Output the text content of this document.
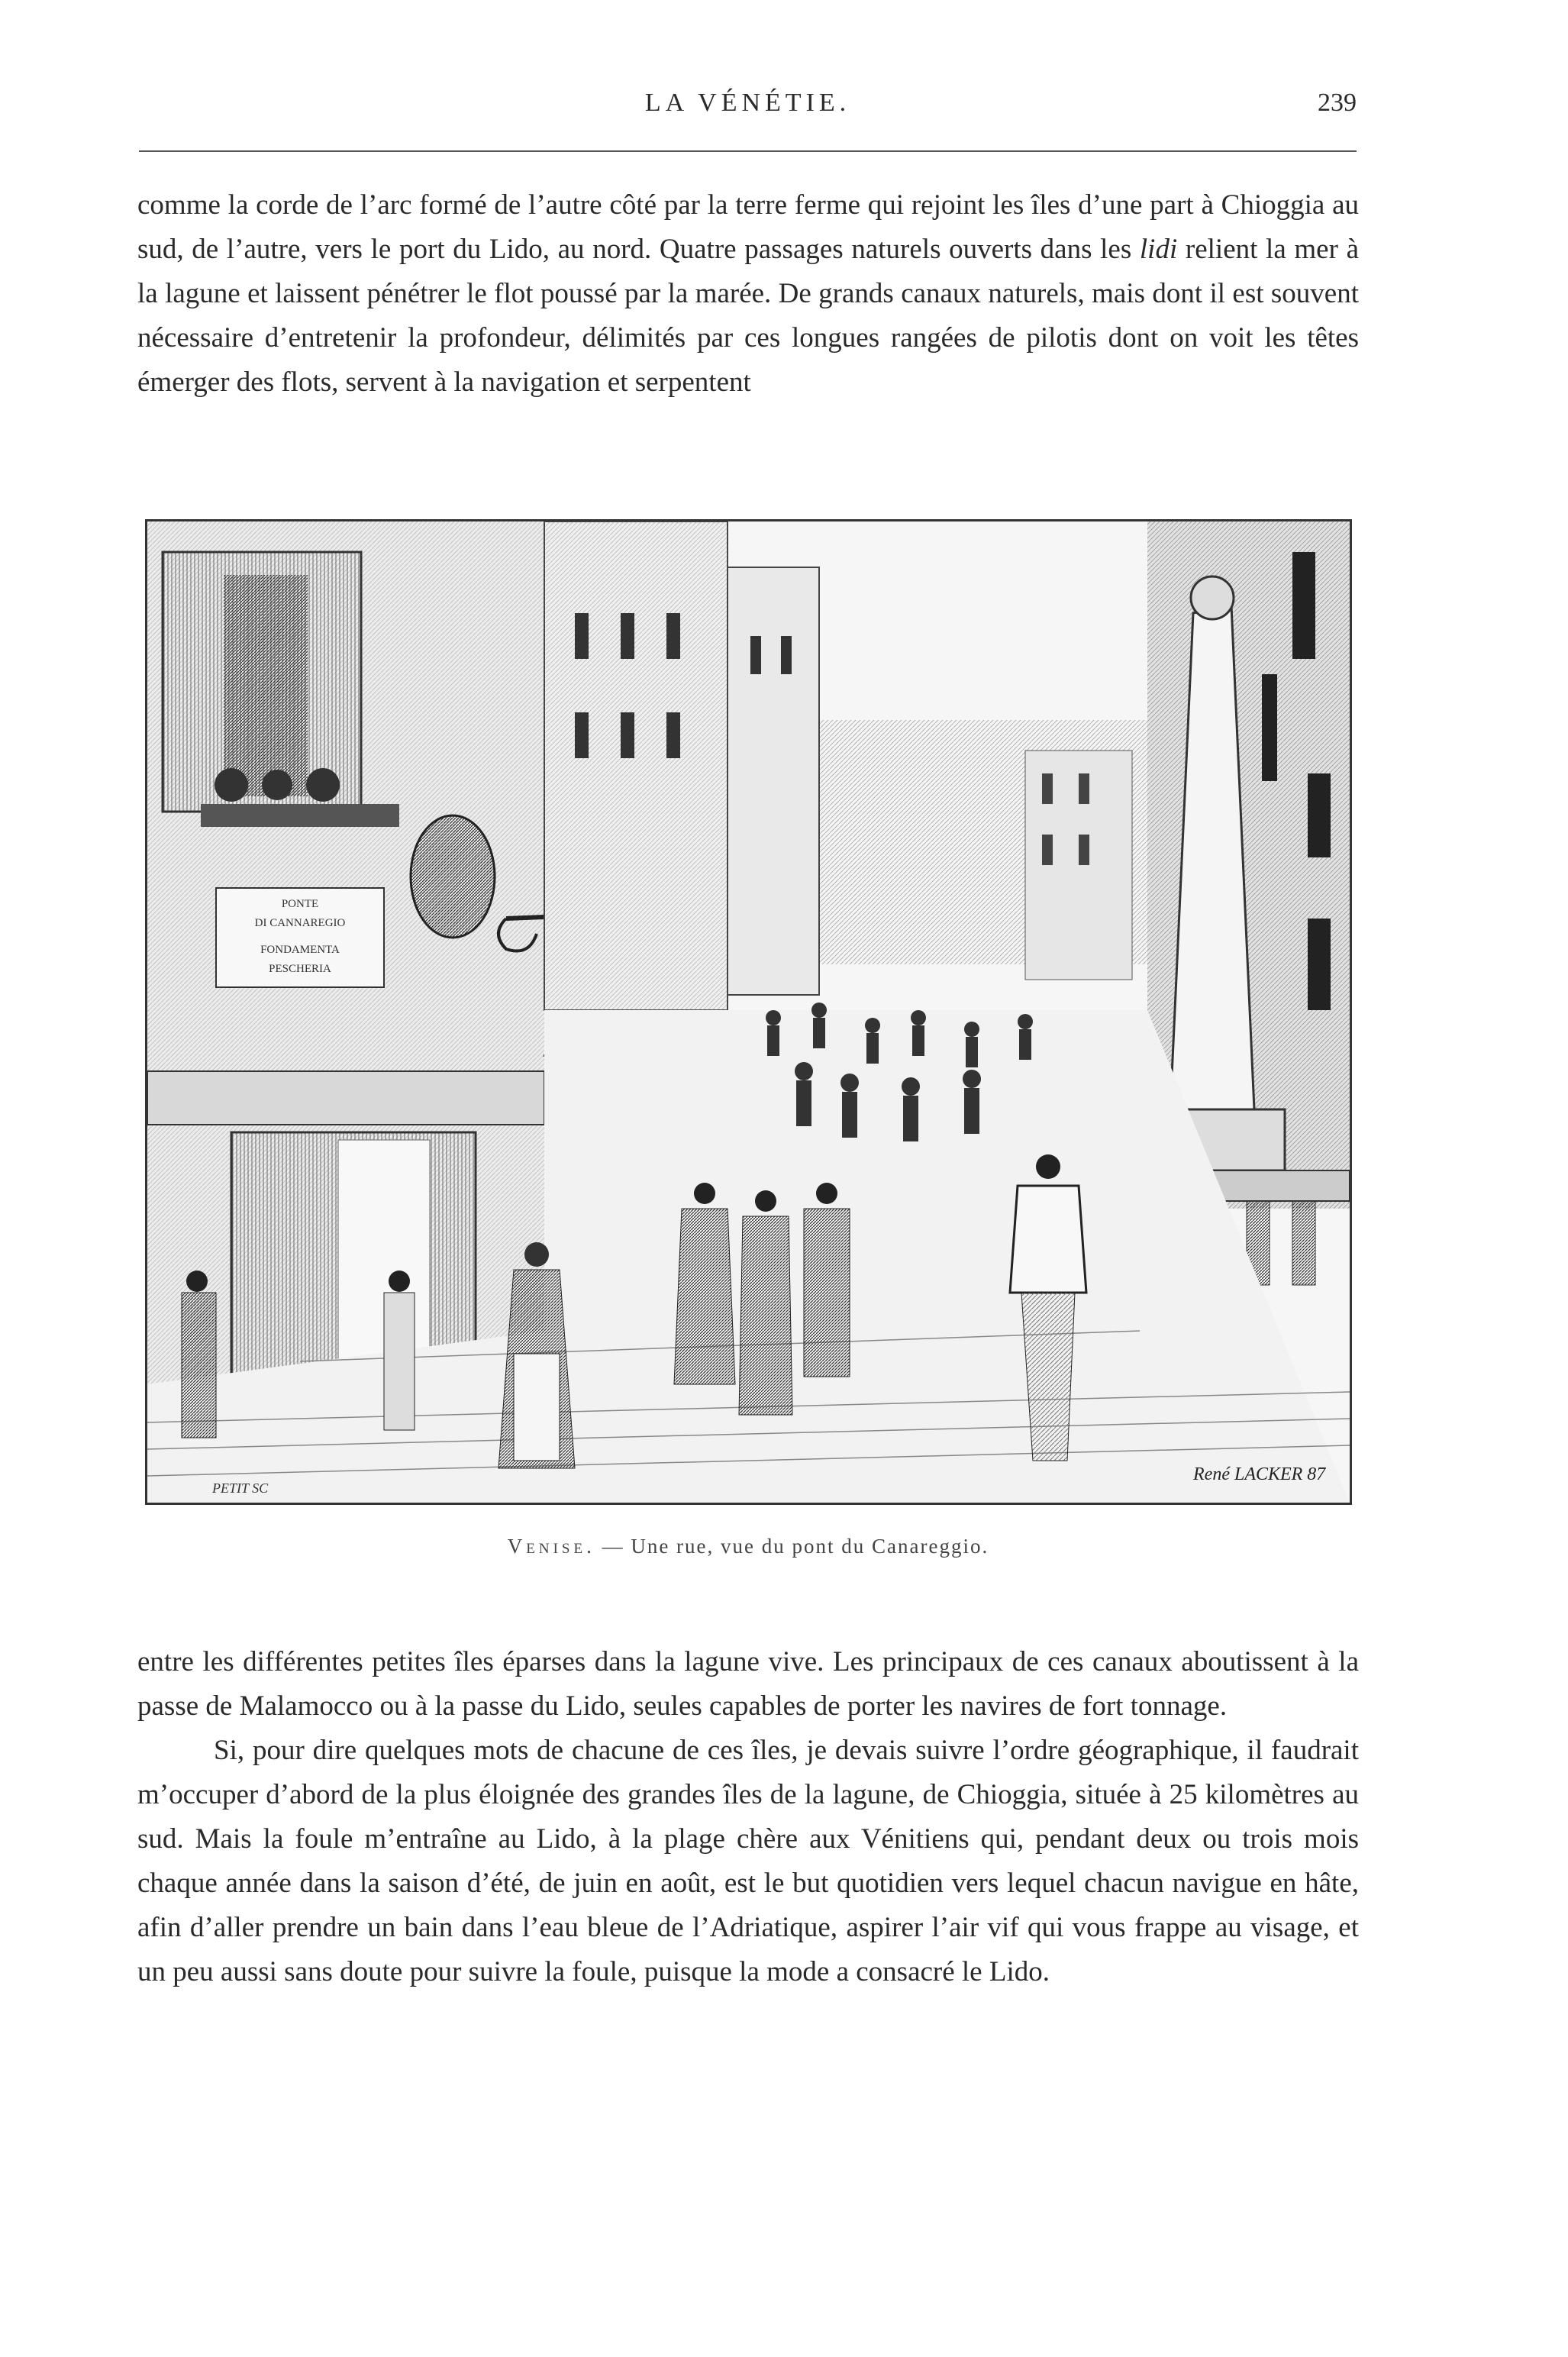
LA VÉNÉTIE.	239

comme la corde de l’arc formé de l’autre côté par la terre ferme qui rejoint les îles d’une part à Chioggia au sud, de l’autre, vers le port du Lido, au nord. Quatre passages naturels ouverts dans les lidi relient la mer à la lagune et laissent pénétrer le flot poussé par la marée. De grands canaux naturels, mais dont il est souvent nécessaire d’entretenir la profondeur, délimités par ces longues rangées de pilotis dont on voit les têtes émerger des flots, servent à la navigation et serpentent

PONTE
DI CANNAREGIO
FONDAMENTA
PESCHERIA
PETIT SC
René LACKER 87
Venise. — Une rue, vue du pont du Canareggio.

entre les différentes petites îles éparses dans la lagune vive. Les principaux de ces canaux aboutissent à la passe de Malamocco ou à la passe du Lido, seules capables de porter les navires de fort tonnage.

Si, pour dire quelques mots de chacune de ces îles, je devais suivre l’ordre géographique, il faudrait m’occuper d’abord de la plus éloignée des grandes îles de la lagune, de Chioggia, située à 25 kilomètres au sud. Mais la foule m’entraîne au Lido, à la plage chère aux Vénitiens qui, pendant deux ou trois mois chaque année dans la saison d’été, de juin en août, est le but quotidien vers lequel chacun navigue en hâte, afin d’aller prendre un bain dans l’eau bleue de l’Adriatique, aspirer l’air vif qui vous frappe au visage, et un peu aussi sans doute pour suivre la foule, puisque la mode a consacré le Lido.
